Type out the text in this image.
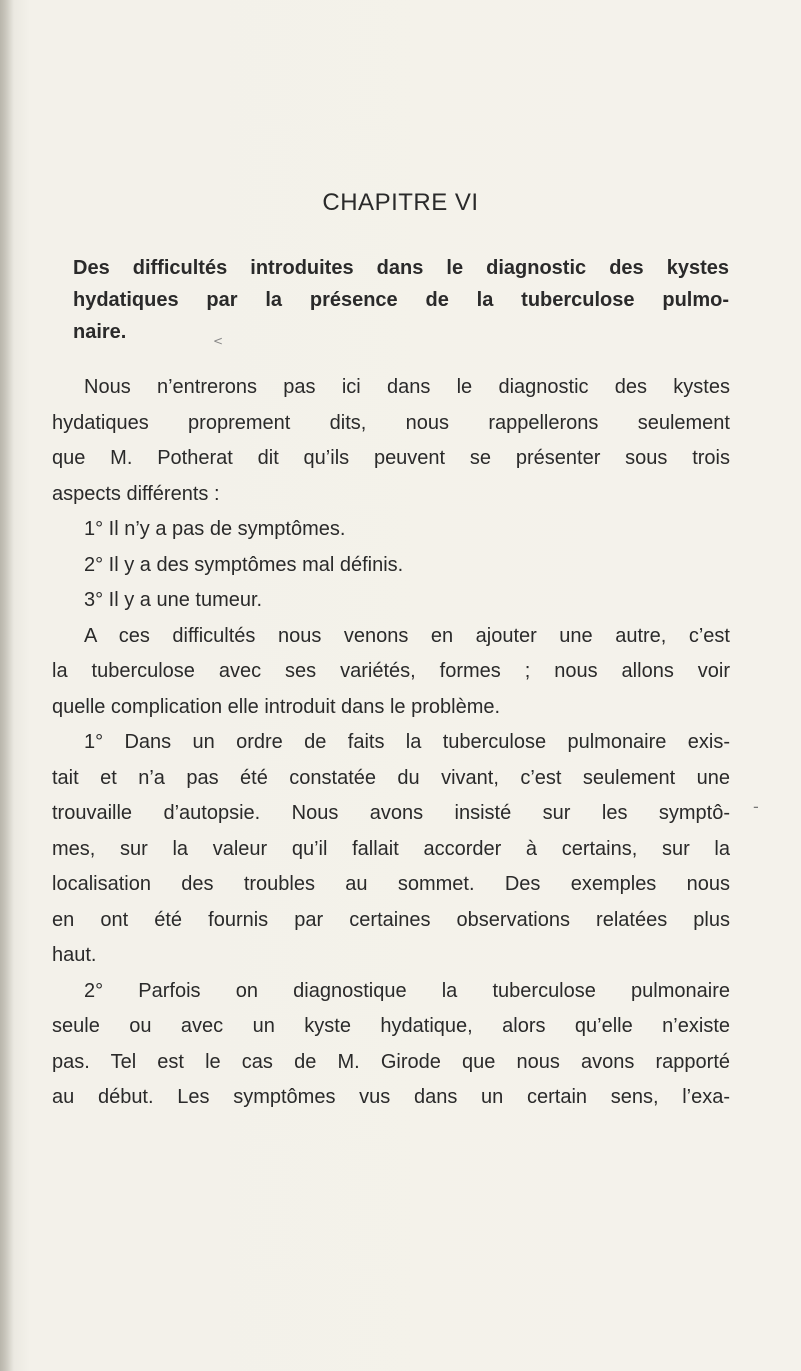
CHAPITRE VI
Des difficultés introduites dans le diagnostic des kystes
hydatiques par la présence de la tuberculose pulmo-
naire.	<
Nous n’entrerons pas ici dans le diagnostic des kystes
hydatiques proprement dits, nous rappellerons seulement
que M. Potherat dit qu’ils peuvent se présenter sous trois
aspects différents :
1° Il n’y a pas de symptômes.
2° Il y a des symptômes mal définis.
3° Il y a une tumeur.
A ces difficultés nous venons en ajouter une autre, c’est
la tuberculose avec ses variétés, formes ; nous allons voir
quelle complication elle introduit dans le problème.
1° Dans un ordre de faits la tuberculose pulmonaire exis-
tait et n’a pas été constatée du vivant, c’est seulement une
trouvaille d’autopsie. Nous avons insisté sur les symptô-
mes, sur la valeur qu’il fallait accorder à certains, sur la
localisation des troubles au sommet. Des exemples nous
en ont été fournis par certaines observations relatées plus
haut.
2° Parfois on diagnostique la tuberculose pulmonaire
seule ou avec un kyste hydatique, alors qu’elle n’existe
pas. Tel est le cas de M. Girode que nous avons rapporté
au début. Les symptômes vus dans un certain sens, l’exa-
-
